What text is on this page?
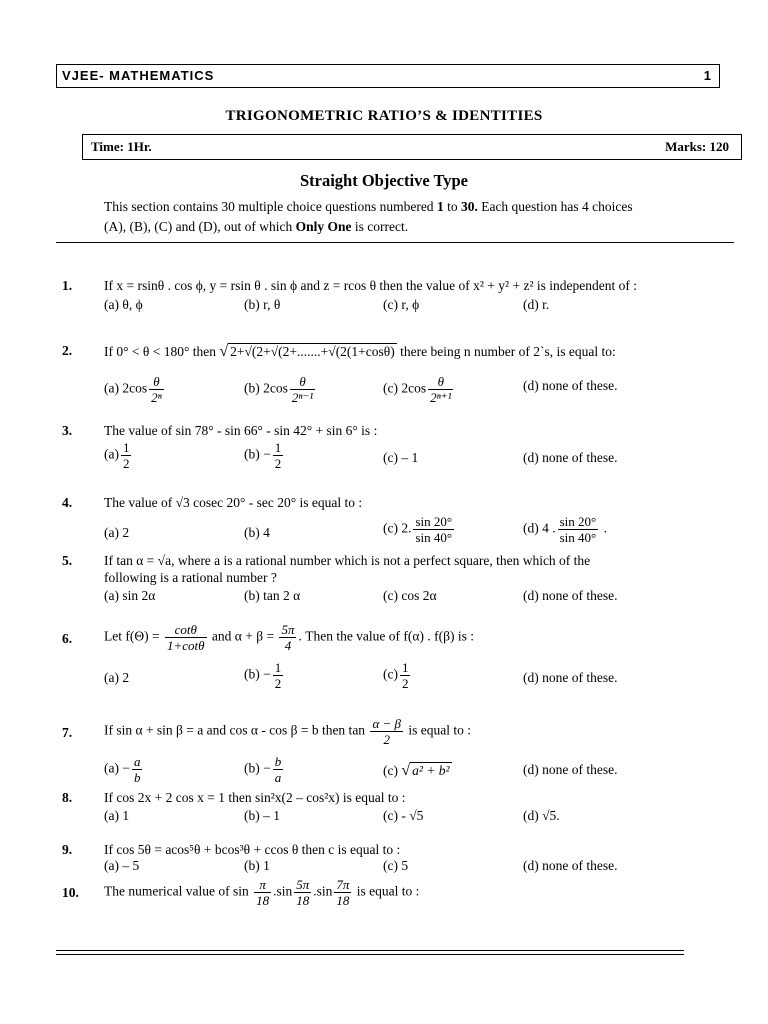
VJEE- MATHEMATICS	1
TRIGONOMETRIC RATIO’S & IDENTITIES
Time: 1Hr.	Marks: 120
Straight Objective Type
This section contains 30 multiple choice questions numbered 1 to 30. Each question has 4 choices
(A), (B), (C) and (D), out of which Only One is correct.
1. If x = rsinθ . cos ϕ, y = rsin θ . sin ϕ and z = rcos θ then the value of x² + y² + z² is independent of :
(a) θ, ϕ	(b) r, θ	(c) r, ϕ	(d) r.
2. If 0° < θ < 180° then √ 2+√(2+√(2+.......+√(2(1+cosθ) there being n number of 2`s, is equal to:
(a) $2\cos \frac{\theta}{\text{2ⁿ}}$	(b) $2\cos \frac{\theta}{\text{2ⁿ⁻¹}}$	(c) $2\cos \frac{\theta}{\text{2ⁿ⁺¹}}$	(d) none of these.
3. The value of sin 78° - sin 66° - sin 42° + sin 6° is :
$(a) \frac{1}{2}$	$(b) - \frac{1}{2}$	(c) – 1	(d) none of these.
4. The value of √3 cosec 20° - sec 20° is equal to :
(a) 2	(b) 4	(c) 2. $\frac{\sin 20^\circ}{\sin 40^\circ}$	(d) 4 . $\frac{\sin 20^\circ}{\sin 40^\circ}$ .
5. If tan α = √a, where a is a rational number which is not a perfect square, then which of the
following is a rational number ?
(a) sin 2α	(b) tan 2 α	(c) cos 2α	(d) none of these.
6. Let $f(\Theta) = \frac{\cot\theta}{1+\cot\theta}$ and $\alpha + \beta = \frac{5\pi}{4}$ . Then the value of f(α) . f(β) is :
(a) 2	$(b) - \frac{1}{2}$	$(c) \frac{1}{2}$	(d) none of these.
7. If sin α + sin β = a and cos α - cos β = b then $\tan \frac{\alpha - \beta}{2}$ is equal to :
$(a) - \frac{a}{b}$	$(b) - \frac{b}{a}$	(c) √ a² + b²	(d) none of these.
8. If cos 2x + 2 cos x = 1 then sin²x(2 – cos²x) is equal to :
(a) 1	(b) – 1	(c) - √5	(d) √5.
9. If cos 5θ = acos⁵θ + bcos³θ + ccos θ then c is equal to :
(a) – 5	(b) 1	(c) 5	(d) none of these.
10. The numerical value of $\sin \frac{\pi}{18} .\sin \frac{5\pi}{18} .\sin \frac{7\pi}{18}$ is equal to :
